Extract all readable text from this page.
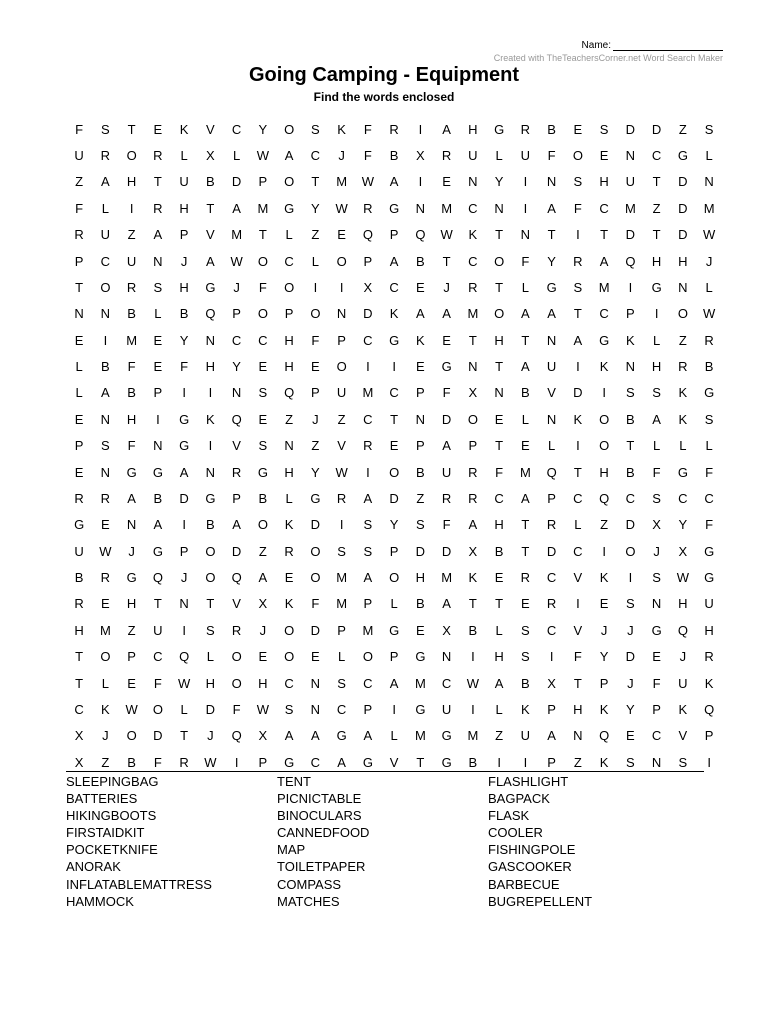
Name:
Created with TheTeachersCorner.net Word Search Maker
Going Camping - Equipment
Find the words enclosed
F	S	T	E	K	V	C	Y	O	S	K	F	R	I	A	H	G	R	B	E	S	D	D	Z	S
U	R	O	R	L	X	L	W	A	C	J	F	B	X	R	U	L	U	F	O	E	N	C	G	L
Z	A	H	T	U	B	D	P	O	T	M	W	A	I	E	N	Y	I	N	S	H	U	T	D	N
F	L	I	R	H	T	A	M	G	Y	W	R	G	N	M	C	N	I	A	F	C	M	Z	D	M
R	U	Z	A	P	V	M	T	L	Z	E	Q	P	Q	W	K	T	N	T	I	T	D	T	D	W
P	C	U	N	J	A	W	O	C	L	O	P	A	B	T	C	O	F	Y	R	A	Q	H	H	J
T	O	R	S	H	G	J	F	O	I	I	X	C	E	J	R	T	L	G	S	M	I	G	N	L
N	N	B	L	B	Q	P	O	P	O	N	D	K	A	A	M	O	A	A	T	C	P	I	O	W
E	I	M	E	Y	N	C	C	H	F	P	C	G	K	E	T	H	T	N	A	G	K	L	Z	R
L	B	F	E	F	H	Y	E	H	E	O	I	I	E	G	N	T	A	U	I	K	N	H	R	B
L	A	B	P	I	I	N	S	Q	P	U	M	C	P	F	X	N	B	V	D	I	S	S	K	G
E	N	H	I	G	K	Q	E	Z	J	Z	C	T	N	D	O	E	L	N	K	O	B	A	K	S
P	S	F	N	G	I	V	S	N	Z	V	R	E	P	A	P	T	E	L	I	O	T	L	L	L
E	N	G	G	A	N	R	G	H	Y	W	I	O	B	U	R	F	M	Q	T	H	B	F	G	F
R	R	A	B	D	G	P	B	L	G	R	A	D	Z	R	R	C	A	P	C	Q	C	S	C	C
G	E	N	A	I	B	A	O	K	D	I	S	Y	S	F	A	H	T	R	L	Z	D	X	Y	F
U	W	J	G	P	O	D	Z	R	O	S	S	P	D	D	X	B	T	D	C	I	O	J	X	G
B	R	G	Q	J	O	Q	A	E	O	M	A	O	H	M	K	E	R	C	V	K	I	S	W	G
R	E	H	T	N	T	V	X	K	F	M	P	L	B	A	T	T	E	R	I	E	S	N	H	U
H	M	Z	U	I	S	R	J	O	D	P	M	G	E	X	B	L	S	C	V	J	J	G	Q	H
T	O	P	C	Q	L	O	E	O	E	L	O	P	G	N	I	H	S	I	F	Y	D	E	J	R
T	L	E	F	W	H	O	H	C	N	S	C	A	M	C	W	A	B	X	T	P	J	F	U	K
C	K	W	O	L	D	F	W	S	N	C	P	I	G	U	I	L	K	P	H	K	Y	P	K	Q
X	J	O	D	T	J	Q	X	A	A	G	A	L	M	G	M	Z	U	A	N	Q	E	C	V	P
X	Z	B	F	R	W	I	P	G	C	A	G	V	T	G	B	I	I	P	Z	K	S	N	S	I
SLEEPINGBAG
BATTERIES
HIKINGBOOTS
FIRSTAIDKIT
POCKETKNIFE
ANORAK
INFLATABLEMATTRESS
HAMMOCK
TENT
PICNICTABLE
BINOCULARS
CANNEDFOOD
MAP
TOILETPAPER
COMPASS
MATCHES
FLASHLIGHT
BAGPACK
FLASK
COOLER
FISHINGPOLE
GASCOOKER
BARBECUE
BUGREPELLENT
